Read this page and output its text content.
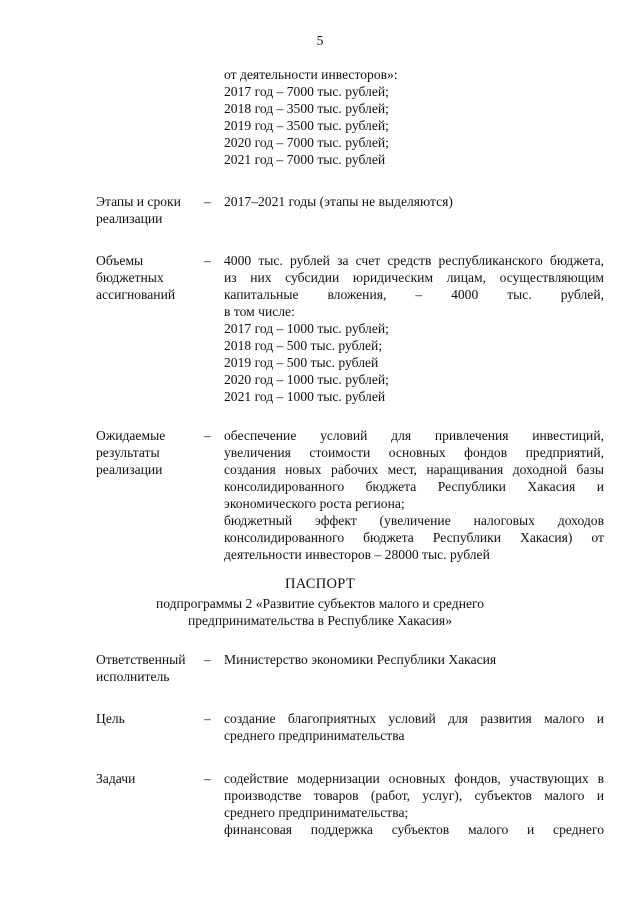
5
от деятельности инвесторов»:
2017 год – 7000 тыс. рублей;
2018 год – 3500 тыс. рублей;
2019 год – 3500 тыс. рублей;
2020 год – 7000 тыс. рублей;
2021 год – 7000 тыс. рублей
Этапы и сроки
реализации
– 2017–2021 годы (этапы не выделяются)
Объемы
бюджетных
ассигнований
– 4000 тыс. рублей за счет средств республиканского бюджета,
из них субсидии юридическим лицам, осуществляющим
капитальные вложения, – 4000 тыс. рублей,
в том числе:
2017 год – 1000 тыс. рублей;
2018 год – 500 тыс. рублей;
2019 год – 500 тыс. рублей
2020 год – 1000 тыс. рублей;
2021 год – 1000 тыс. рублей
Ожидаемые
результаты
реализации
– обеспечение условий для привлечения инвестиций,
увеличения стоимости основных фондов предприятий,
создания новых рабочих мест, наращивания доходной базы
консолидированного бюджета Республики Хакасия и
экономического роста региона;
бюджетный эффект (увеличение налоговых доходов
консолидированного бюджета Республики Хакасия) от
деятельности инвесторов – 28000 тыс. рублей
ПАСПОРТ
подпрограммы 2 «Развитие субъектов малого и среднего
предпринимательства в Республике Хакасия»
Ответственный
исполнитель
– Министерство экономики Республики Хакасия
Цель	– создание благоприятных условий для развития малого и
среднего предпринимательства
Задачи	– содействие модернизации основных фондов, участвующих в
производстве товаров (работ, услуг), субъектов малого и
среднего предпринимательства;
финансовая поддержка субъектов малого и среднего
